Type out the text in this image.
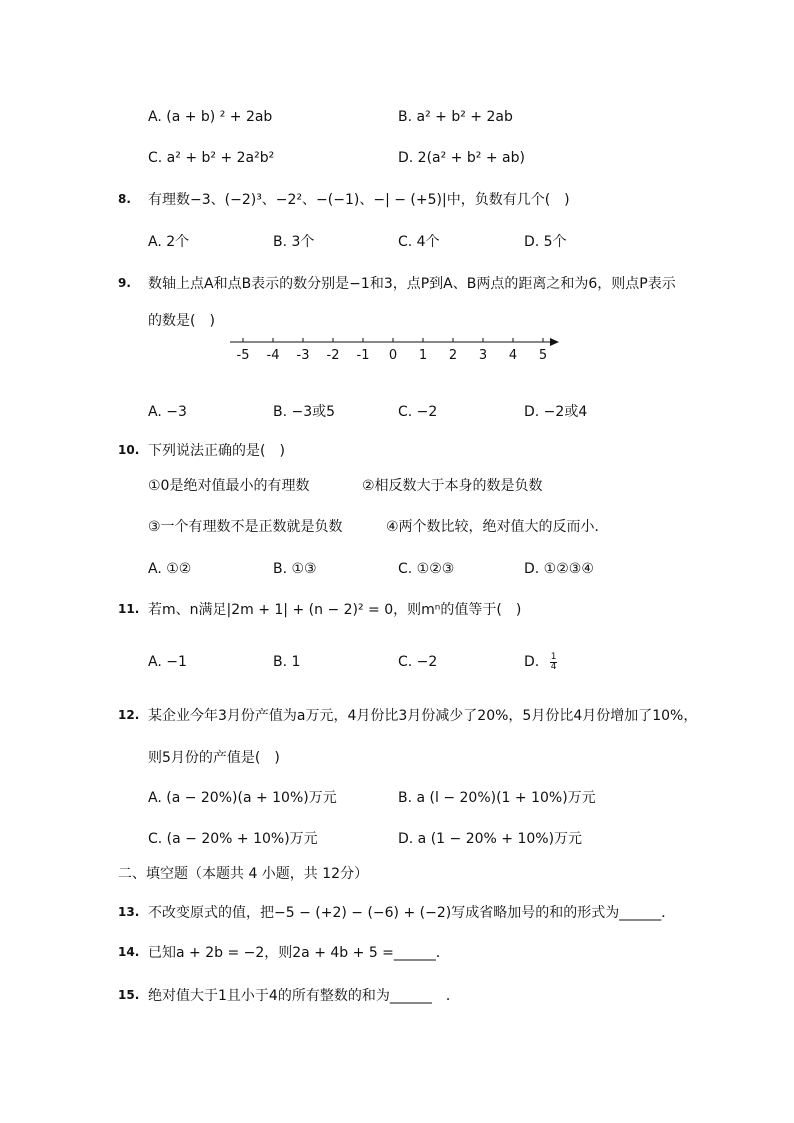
A. (a + b) ² + 2ab	B. a² + b² + 2ab
C. a² + b² + 2a²b²	D. 2(a² + b² + ab)
8. 有理数−3、(−2)³、−2²、−(−1)、−| − (+5)|中，负数有几个(　)
A. 2个	B. 3个	C. 4个	D. 5个
9. 数轴上点A和点B表示的数分别是−1和3，点P到A、B两点的距离之和为6，则点P表示
的数是(　)
-5 -4 -3 -2 -1 0 1 2 3 4 5
A. −3	B. −3或5	C. −2	D. −2或4
10. 下列说法正确的是(　)
①0是绝对值最小的有理数	②相反数大于本身的数是负数
③一个有理数不是正数就是负数	④两个数比较，绝对值大的反而小．
A. ①②	B. ①③	C. ①②③	D. ①②③④
11. 若m、n满足|2m + 1| + (n − 2)² = 0，则mⁿ的值等于(　)
A. −1	B. 1	C. −2	D. $\frac{1}{4}$
12. 某企业今年3月份产值为a万元，4月份比3月份减少了20%，5月份比4月份增加了10%，
则5月份的产值是(　)
A. (a − 20%)(a + 10%)万元	B. a (l − 20%)(1 + 10%)万元
C. (a − 20% + 10%)万元	D. a (1 − 20% + 10%)万元
二、填空题（本题共 4 小题，共 12分）
13. 不改变原式的值，把−5 − (+2) − (−6) + (−2)写成省略加号的和的形式为______．
14. 已知a + 2b = −2，则2a + 4b + 5 =______．
15. 绝对值大于1且小于4的所有整数的和为______　．
